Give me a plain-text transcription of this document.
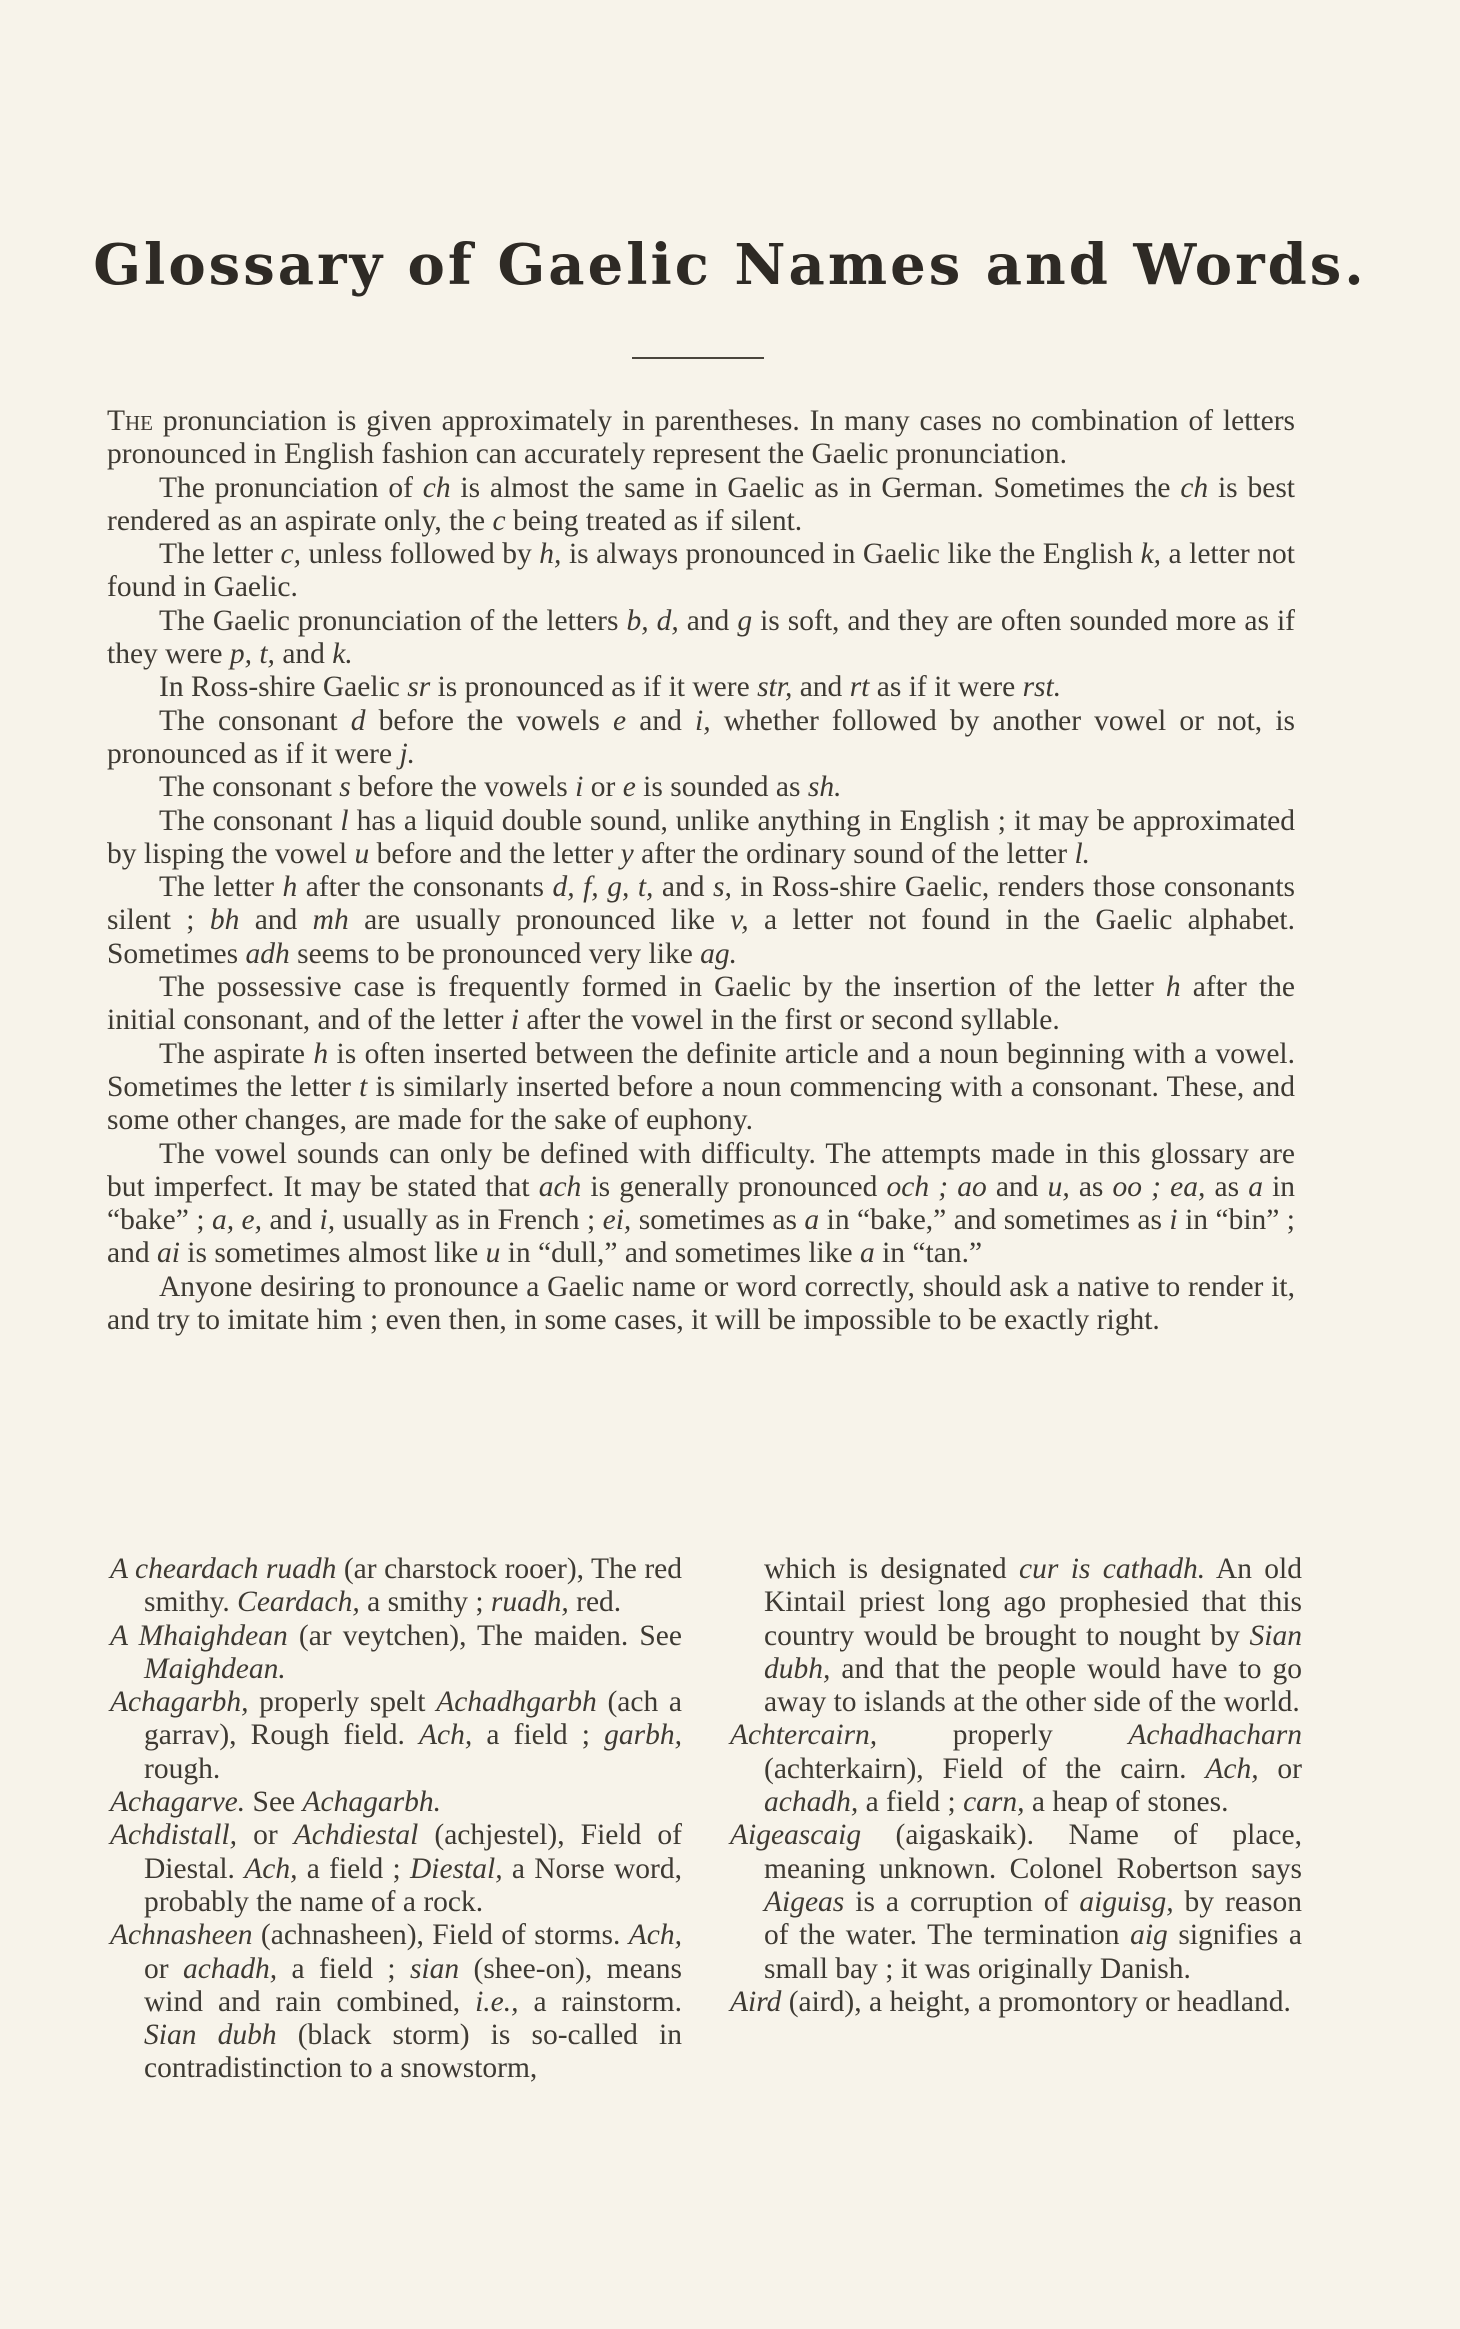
Glossary of Gaelic Names and Words.

The pronunciation is given approximately in parentheses. In many cases no combination of letters pronounced in English fashion can accurately represent the Gaelic pronunciation.

The pronunciation of ch is almost the same in Gaelic as in German. Sometimes the ch is best rendered as an aspirate only, the c being treated as if silent.

The letter c, unless followed by h, is always pronounced in Gaelic like the English k, a letter not found in Gaelic.

The Gaelic pronunciation of the letters b, d, and g is soft, and they are often sounded more as if they were p, t, and k.

In Ross-shire Gaelic sr is pronounced as if it were str, and rt as if it were rst.

The consonant d before the vowels e and i, whether followed by another vowel or not, is pronounced as if it were j.

The consonant s before the vowels i or e is sounded as sh.

The consonant l has a liquid double sound, unlike anything in English ; it may be approximated by lisping the vowel u before and the letter y after the ordinary sound of the letter l.

The letter h after the consonants d, f, g, t, and s, in Ross-shire Gaelic, renders those consonants silent ; bh and mh are usually pronounced like v, a letter not found in the Gaelic alphabet. Sometimes adh seems to be pronounced very like ag.

The possessive case is frequently formed in Gaelic by the insertion of the letter h after the initial consonant, and of the letter i after the vowel in the first or second syllable.

The aspirate h is often inserted between the definite article and a noun beginning with a vowel. Sometimes the letter t is similarly inserted before a noun commencing with a consonant. These, and some other changes, are made for the sake of euphony.

The vowel sounds can only be defined with difficulty. The attempts made in this glossary are but imperfect. It may be stated that ach is generally pronounced och ; ao and u, as oo ; ea, as a in “bake” ; a, e, and i, usually as in French ; ei, sometimes as a in “bake,” and sometimes as i in “bin” ; and ai is sometimes almost like u in “dull,” and sometimes like a in “tan.”

Anyone desiring to pronounce a Gaelic name or word correctly, should ask a native to render it, and try to imitate him ; even then, in some cases, it will be impossible to be exactly right.

A cheardach ruadh (ar charstock rooer), The red smithy. Ceardach, a smithy ; ruadh, red.

A Mhaighdean (ar veytchen), The maiden. See Maighdean.

Achagarbh, properly spelt Achadhgarbh (ach a garrav), Rough field. Ach, a field ; garbh, rough.

Achagarve. See Achagarbh.

Achdistall, or Achdiestal (achjestel), Field of Diestal. Ach, a field ; Diestal, a Norse word, probably the name of a rock.

Achnasheen (achnasheen), Field of storms. Ach, or achadh, a field ; sian (shee-on), means wind and rain combined, i.e., a rainstorm. Sian dubh (black storm) is so-called in contradistinction to a snowstorm,

which is designated cur is cathadh. An old Kintail priest long ago prophesied that this country would be brought to nought by Sian dubh, and that the people would have to go away to islands at the other side of the world.

Achtercairn, properly Achadhacharn (achterkairn), Field of the cairn. Ach, or achadh, a field ; carn, a heap of stones.

Aigeascaig (aigaskaik). Name of place, meaning unknown. Colonel Robertson says Aigeas is a corruption of aiguisg, by reason of the water. The termination aig signifies a small bay ; it was originally Danish.

Aird (aird), a height, a promontory or headland.
